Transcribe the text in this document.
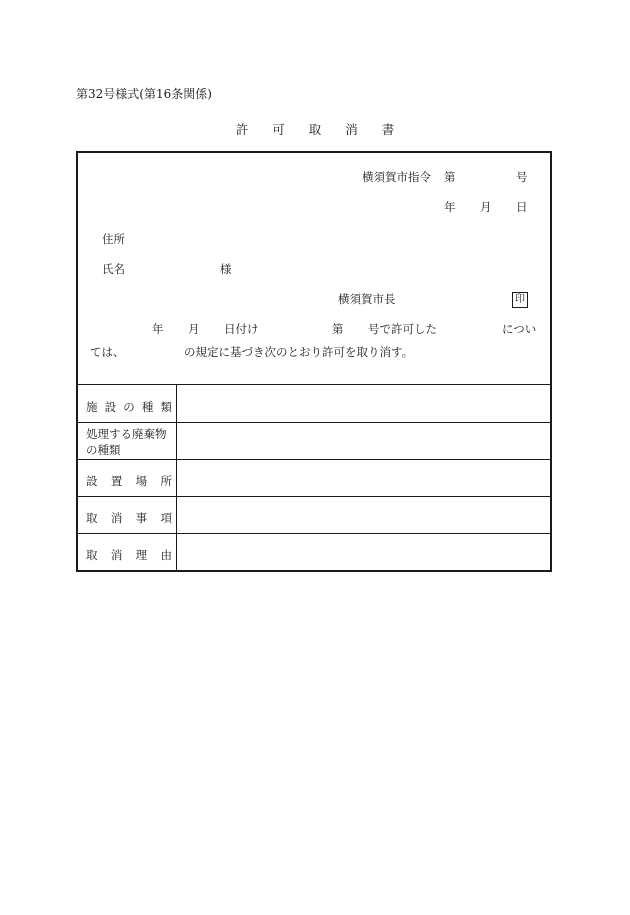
第32号様式(第16条関係)
許 可 取 消 書
横須賀市指令 第	号
年 月 日
住所
氏名	様
横須賀市長	印
年 月 日付け	第 号で許可した	につい
ては、	の規定に基づき次のとおり許可を取り消す。
施 設 の 種 類
処理する廃棄物
の種類
設 置 場 所
取 消 事 項
取 消 理 由
